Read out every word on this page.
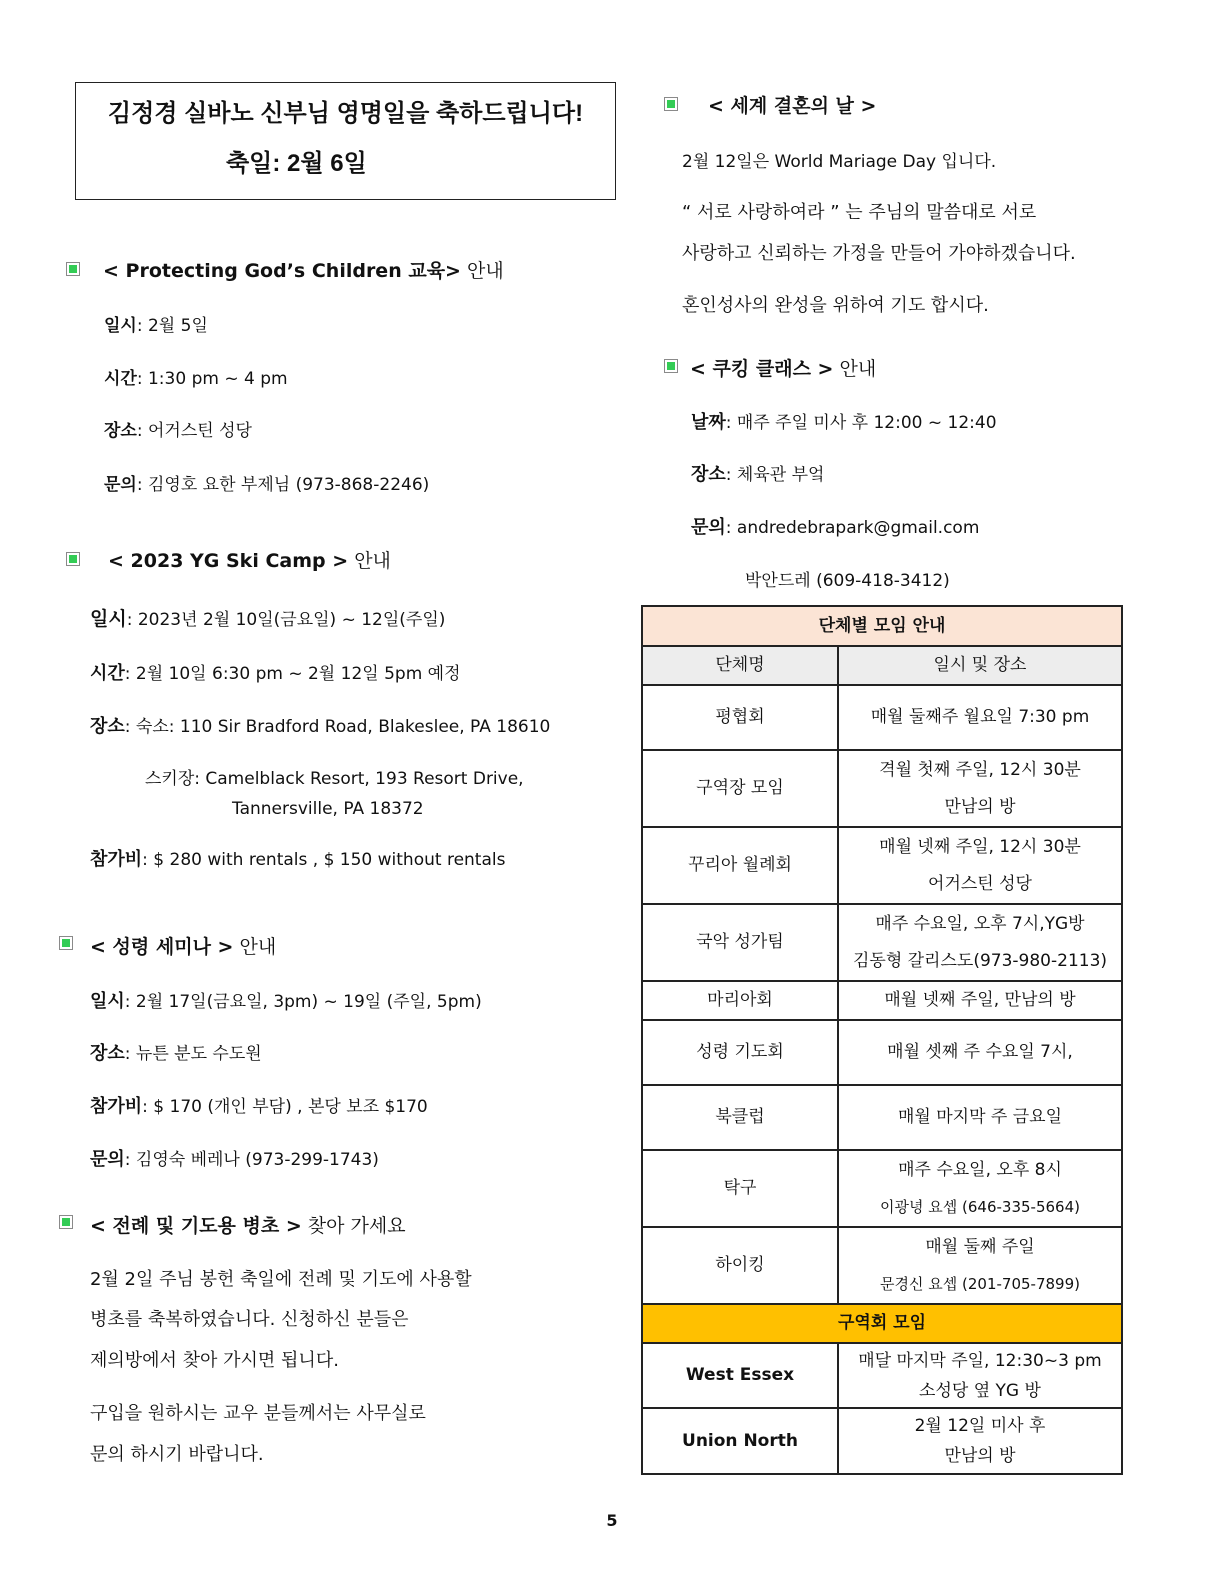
김정경 실바노 신부님 영명일을 축하드립니다!
축일: 2월 6일
< Protecting God’s Children 교육> 안내
일시: 2월 5일
시간: 1:30 pm ~ 4 pm
장소: 어거스틴 성당
문의: 김영호 요한 부제님 (973-868-2246)
< 2023 YG Ski Camp > 안내
일시: 2023년 2월 10일(금요일) ~ 12일(주일)
시간: 2월 10일 6:30 pm ~ 2월 12일 5pm 예정
장소: 숙소: 110 Sir Bradford Road, Blakeslee, PA 18610
스키장: Camelblack Resort, 193 Resort Drive,
Tannersville, PA 18372
참가비: $ 280 with rentals , $ 150 without rentals
< 성령 세미나 > 안내
일시: 2월 17일(금요일, 3pm) ~ 19일 (주일, 5pm)
장소: 뉴튼 분도 수도원
참가비: $ 170 (개인 부담) , 본당 보조 $170
문의: 김영숙 베레나 (973-299-1743)
< 전례 및 기도용 병초 > 찾아 가세요
2월 2일 주님 봉헌 축일에 전례 및 기도에 사용할
병초를 축복하였습니다. 신청하신 분들은
제의방에서 찾아 가시면 됩니다.
구입을 원하시는 교우 분들께서는 사무실로
문의 하시기 바랍니다.
< 세계 결혼의 날 >
2월 12일은 World Mariage Day 입니다.
“ 서로 사랑하여라 ” 는 주님의 말씀대로 서로
사랑하고 신뢰하는 가정을 만들어 가야하겠습니다.
혼인성사의 완성을 위하여 기도 합시다.
< 쿠킹 클래스 > 안내
날짜: 매주 주일 미사 후 12:00 ~ 12:40
장소: 체육관 부엌
문의: andredebrapark@gmail.com
박안드레 (609-418-3412)
단체별 모임 안내	
단체명	일시 및 장소
평협회	매월 둘째주 월요일 7:30 pm
구역장 모임	격월 첫째 주일, 12시 30분
만남의 방

꾸리아 월례회	매월 넷째 주일, 12시 30분
어거스틴 성당

국악 성가팀	매주 수요일, 오후 7시,YG방
김동형 갈리스도(973-980-2113)

마리아회	매월 넷째 주일, 만남의 방
성령 기도회	매월 셋째 주 수요일 7시,
북클럽	매월 마지막 주 금요일
탁구	매주 수요일, 오후 8시
이광녕 요셉 (646-335-5664)

하이킹	매월 둘째 주일
문경신 요셉 (201-705-7899)

구역회 모임	
West Essex	매달 마지막 주일, 12:30~3 pm
소성당 옆 YG 방

Union North	2월 12일 미사 후
만남의 방
5
